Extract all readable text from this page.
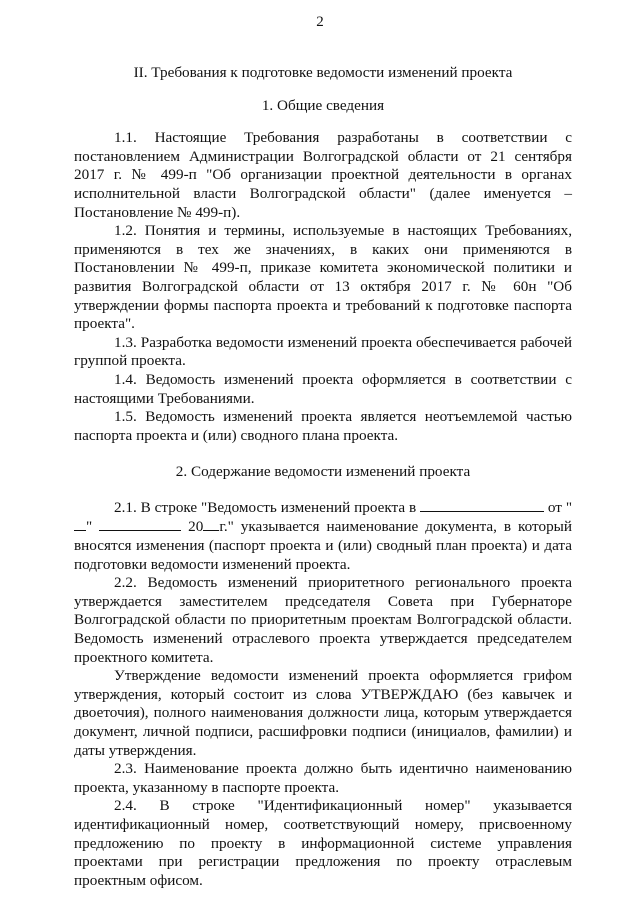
2

II. Требования к подготовке ведомости изменений проекта

1. Общие сведения

1.1. Настоящие Требования разработаны в соответствии с постановлением Администрации Волгоградской области от 21 сентября 2017 г. № 499-п "Об организации проектной деятельности в органах исполнительной власти Волгоградской области" (далее именуется – Постановление № 499-п).

1.2. Понятия и термины, используемые в настоящих Требованиях, применяются в тех же значениях, в каких они применяются в Постановлении № 499-п, приказе комитета экономической политики и развития Волгоградской области от 13 октября 2017 г. № 60н "Об утверждении формы паспорта проекта и требований к подготовке паспорта проекта".

1.3. Разработка ведомости изменений проекта обеспечивается рабочей группой проекта.

1.4. Ведомость изменений проекта оформляется в соответствии с настоящими Требованиями.

1.5. Ведомость изменений проекта является неотъемлемой частью паспорта проекта и (или) сводного плана проекта.

2. Содержание ведомости изменений проекта

2.1. В строке "Ведомость изменений проекта в	от ""	20 г." указывается наименование документа, в который вносятся изменения (паспорт проекта и (или) сводный план проекта) и дата подготовки ведомости изменений проекта.

2.2. Ведомость изменений приоритетного регионального проекта утверждается заместителем председателя Совета при Губернаторе Волгоградской области по приоритетным проектам Волгоградской области. Ведомость изменений отраслевого проекта утверждается председателем проектного комитета.

Утверждение ведомости изменений проекта оформляется грифом утверждения, который состоит из слова УТВЕРЖДАЮ (без кавычек и двоеточия), полного наименования должности лица, которым утверждается документ, личной подписи, расшифровки подписи (инициалов, фамилии) и даты утверждения.

2.3. Наименование проекта должно быть идентично наименованию проекта, указанному в паспорте проекта.

2.4. В строке "Идентификационный номер" указывается идентификационный номер, соответствующий номеру, присвоенному предложению по проекту в информационной системе управления проектами при регистрации предложения по проекту отраслевым проектным офисом.
